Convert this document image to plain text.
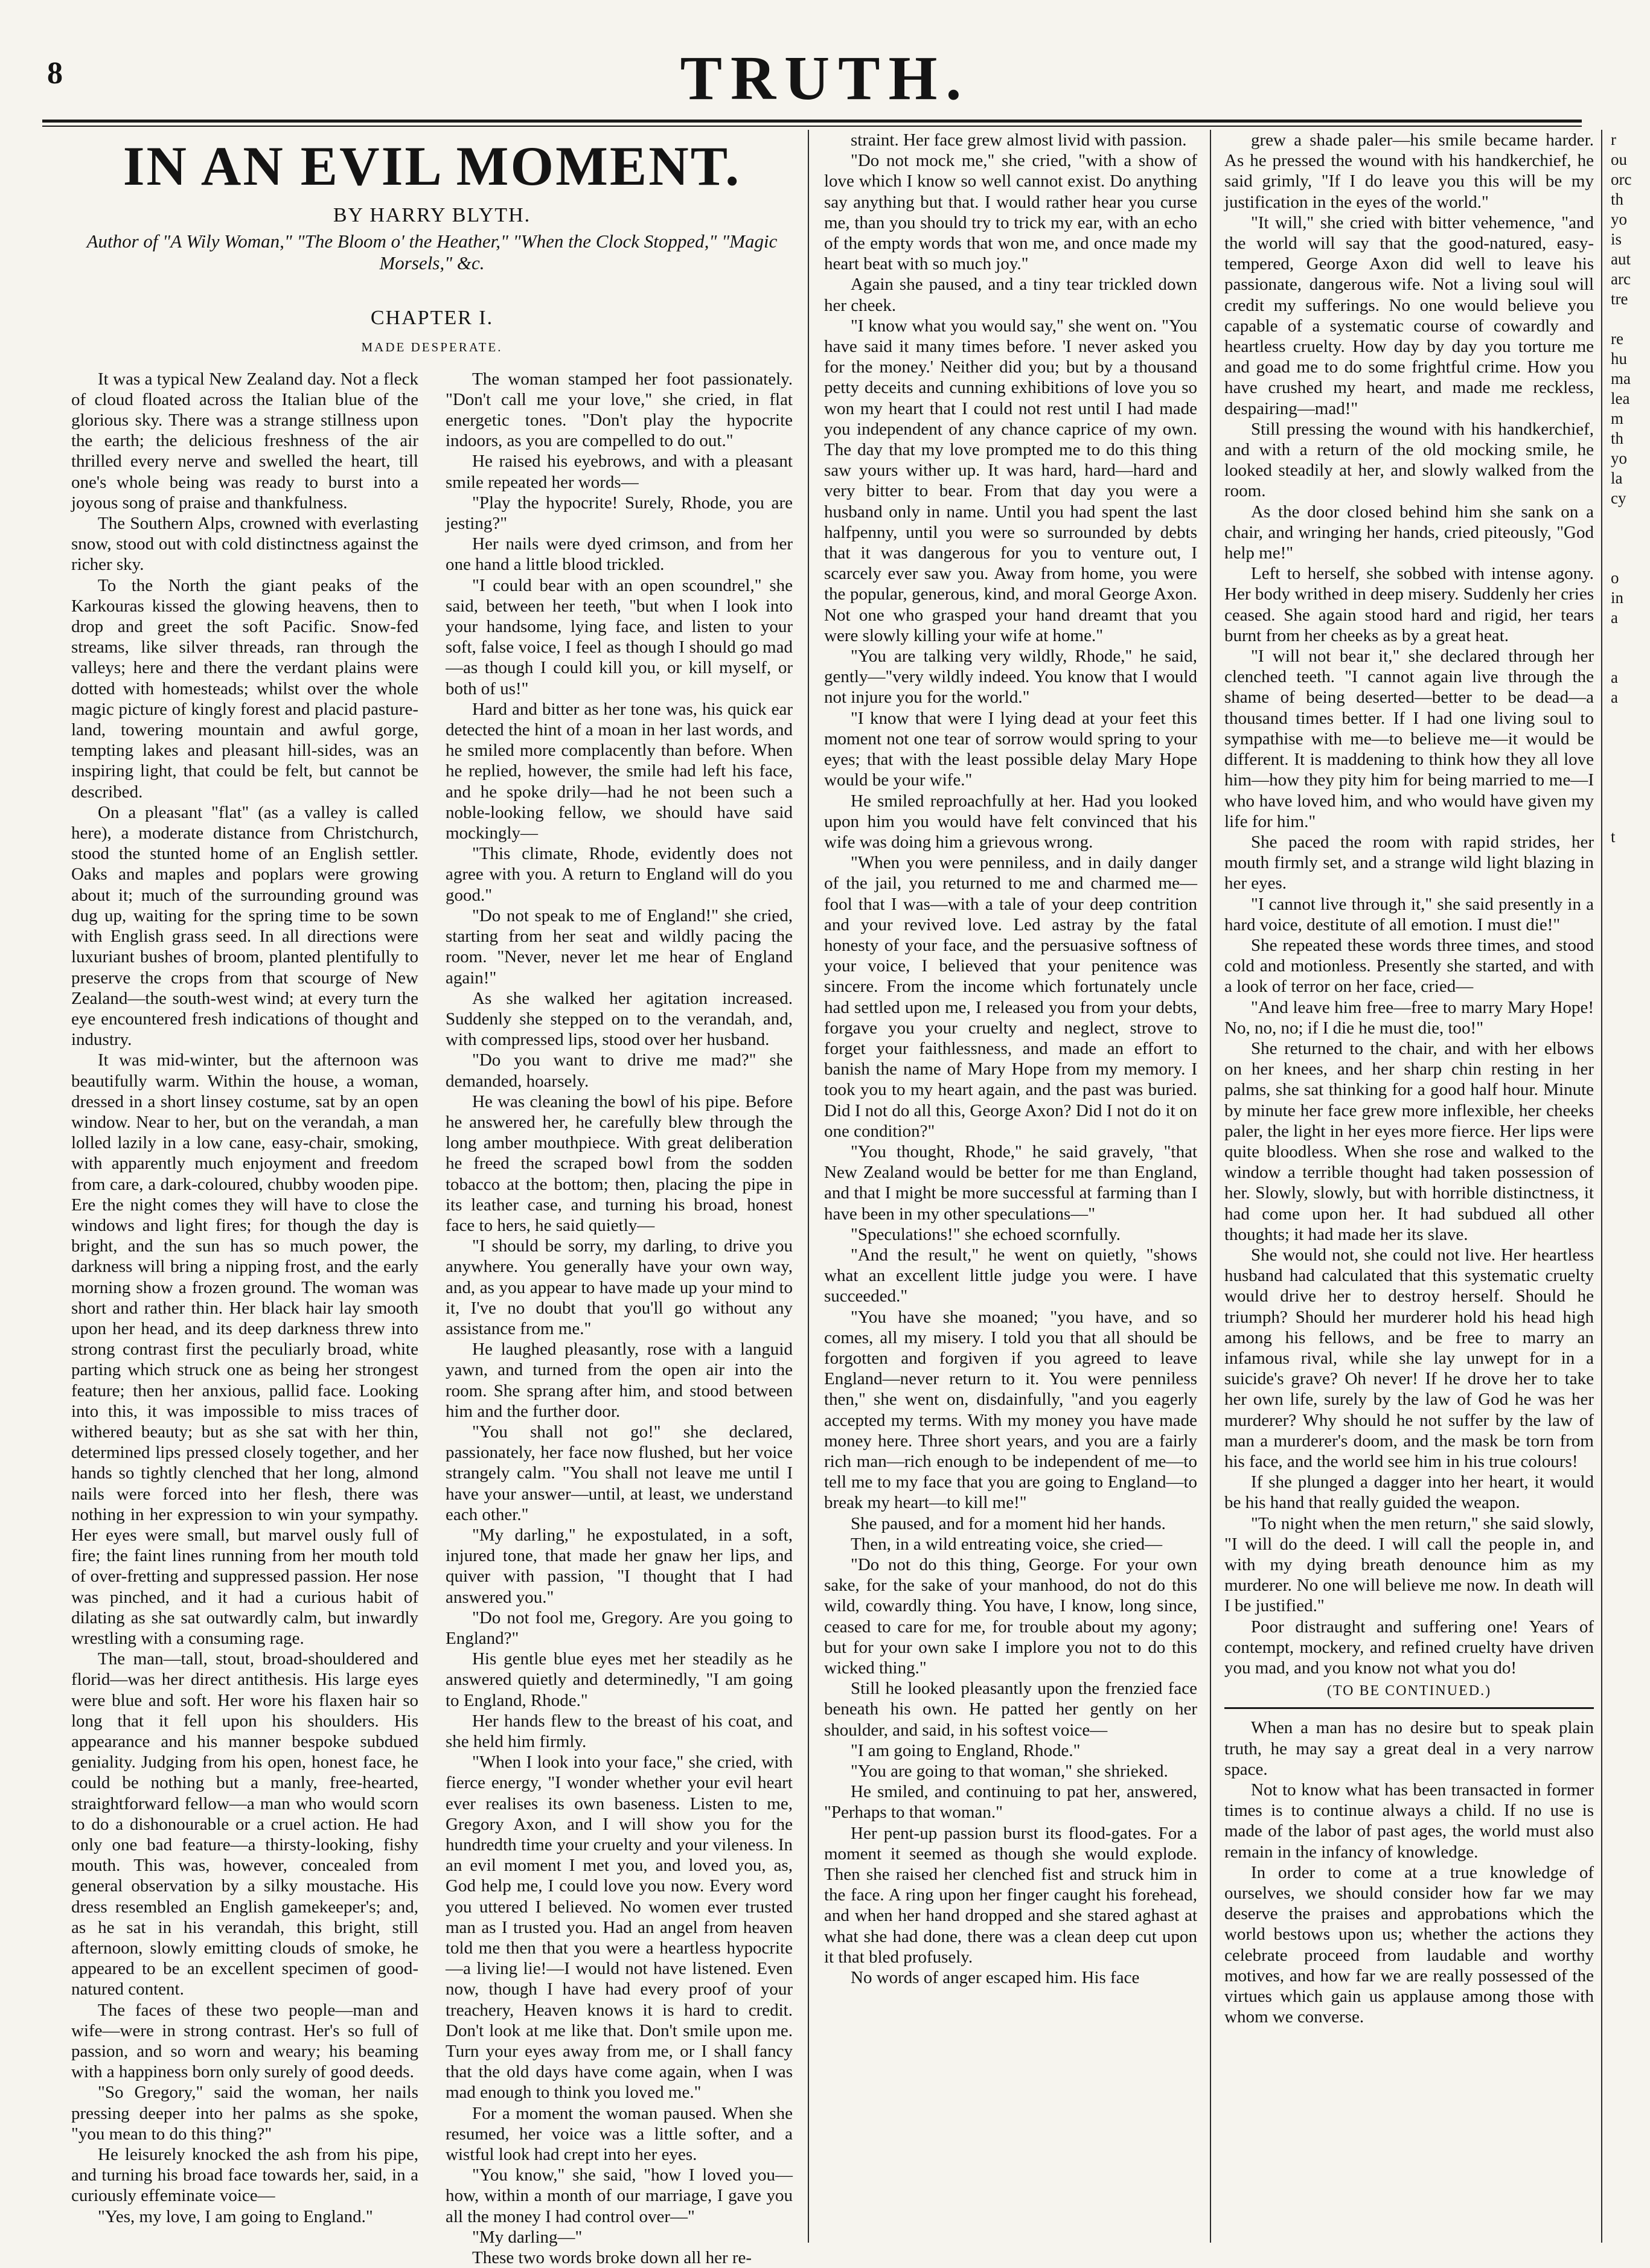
8	TRUTH.
IN AN EVIL MOMENT.
BY HARRY BLYTH.
Author of "A Wily Woman," "The Bloom o' the Heather," "When the Clock Stopped," "Magic Morsels," &c.
CHAPTER I.
MADE DESPERATE.

It was a typical New Zealand day. Not a fleck of cloud floated across the Italian blue of the glorious sky. There was a strange stillness upon the earth; the delicious freshness of the air thrilled every nerve and swelled the heart, till one's whole being was ready to burst into a joyous song of praise and thankfulness.

The Southern Alps, crowned with everlasting snow, stood out with cold distinctness against the richer sky.

To the North the giant peaks of the Karkouras kissed the glowing heavens, then to drop and greet the soft Pacific. Snow-fed streams, like silver threads, ran through the valleys; here and there the verdant plains were dotted with homesteads; whilst over the whole magic picture of kingly forest and placid pasture-land, towering mountain and awful gorge, tempting lakes and pleasant hill-sides, was an inspiring light, that could be felt, but cannot be described.

On a pleasant "flat" (as a valley is called here), a moderate distance from Christchurch, stood the stunted home of an English settler. Oaks and maples and poplars were growing about it; much of the surrounding ground was dug up, waiting for the spring time to be sown with English grass seed. In all directions were luxuriant bushes of broom, planted plentifully to preserve the crops from that scourge of New Zealand—the south-west wind; at every turn the eye encountered fresh indications of thought and industry.

It was mid-winter, but the afternoon was beautifully warm. Within the house, a woman, dressed in a short linsey costume, sat by an open window. Near to her, but on the verandah, a man lolled lazily in a low cane, easy-chair, smoking, with apparently much enjoyment and freedom from care, a dark-coloured, chubby wooden pipe. Ere the night comes they will have to close the windows and light fires; for though the day is bright, and the sun has so much power, the darkness will bring a nipping frost, and the early morning show a frozen ground. The woman was short and rather thin. Her black hair lay smooth upon her head, and its deep darkness threw into strong contrast first the peculiarly broad, white parting which struck one as being her strongest feature; then her anxious, pallid face. Looking into this, it was impossible to miss traces of withered beauty; but as she sat with her thin, determined lips pressed closely together, and her hands so tightly clenched that her long, almond nails were forced into her flesh, there was nothing in her expression to win your sympathy. Her eyes were small, but marvel ously full of fire; the faint lines running from her mouth told of over-fretting and suppressed passion. Her nose was pinched, and it had a curious habit of dilating as she sat outwardly calm, but inwardly wrestling with a consuming rage.

The man—tall, stout, broad-shouldered and florid—was her direct antithesis. His large eyes were blue and soft. Her wore his flaxen hair so long that it fell upon his shoulders. His appearance and his manner bespoke subdued geniality. Judging from his open, honest face, he could be nothing but a manly, free-hearted, straightforward fellow—a man who would scorn to do a dishonourable or a cruel action. He had only one bad feature—a thirsty-looking, fishy mouth. This was, however, concealed from general observation by a silky moustache. His dress resembled an English gamekeeper's; and, as he sat in his verandah, this bright, still afternoon, slowly emitting clouds of smoke, he appeared to be an excellent specimen of good-natured content.

The faces of these two people—man and wife—were in strong contrast. Her's so full of passion, and so worn and weary; his beaming with a happiness born only surely of good deeds.

"So Gregory," said the woman, her nails pressing deeper into her palms as she spoke, "you mean to do this thing?"

He leisurely knocked the ash from his pipe, and turning his broad face towards her, said, in a curiously effeminate voice—

"Yes, my love, I am going to England."

The woman stamped her foot passionately. "Don't call me your love," she cried, in flat energetic tones. "Don't play the hypocrite indoors, as you are compelled to do out."

He raised his eyebrows, and with a pleasant smile repeated her words—

"Play the hypocrite! Surely, Rhode, you are jesting?"

Her nails were dyed crimson, and from her one hand a little blood trickled.

"I could bear with an open scoundrel," she said, between her teeth, "but when I look into your handsome, lying face, and listen to your soft, false voice, I feel as though I should go mad—as though I could kill you, or kill myself, or both of us!"

Hard and bitter as her tone was, his quick ear detected the hint of a moan in her last words, and he smiled more complacently than before. When he replied, however, the smile had left his face, and he spoke drily—had he not been such a noble-looking fellow, we should have said mockingly—

"This climate, Rhode, evidently does not agree with you. A return to England will do you good."

"Do not speak to me of England!" she cried, starting from her seat and wildly pacing the room. "Never, never let me hear of England again!"

As she walked her agitation increased. Suddenly she stepped on to the verandah, and, with compressed lips, stood over her husband.

"Do you want to drive me mad?" she demanded, hoarsely.

He was cleaning the bowl of his pipe. Before he answered her, he carefully blew through the long amber mouthpiece. With great deliberation he freed the scraped bowl from the sodden tobacco at the bottom; then, placing the pipe in its leather case, and turning his broad, honest face to hers, he said quietly—

"I should be sorry, my darling, to drive you anywhere. You generally have your own way, and, as you appear to have made up your mind to it, I've no doubt that you'll go without any assistance from me."

He laughed pleasantly, rose with a languid yawn, and turned from the open air into the room. She sprang after him, and stood between him and the further door.

"You shall not go!" she declared, passionately, her face now flushed, but her voice strangely calm. "You shall not leave me until I have your answer—until, at least, we understand each other."

"My darling," he expostulated, in a soft, injured tone, that made her gnaw her lips, and quiver with passion, "I thought that I had answered you."

"Do not fool me, Gregory. Are you going to England?"

His gentle blue eyes met her steadily as he answered quietly and determinedly, "I am going to England, Rhode."

Her hands flew to the breast of his coat, and she held him firmly.

"When I look into your face," she cried, with fierce energy, "I wonder whether your evil heart ever realises its own baseness. Listen to me, Gregory Axon, and I will show you for the hundredth time your cruelty and your vileness. In an evil moment I met you, and loved you, as, God help me, I could love you now. Every word you uttered I believed. No women ever trusted man as I trusted you. Had an angel from heaven told me then that you were a heartless hypocrite—a living lie!—I would not have listened. Even now, though I have had every proof of your treachery, Heaven knows it is hard to credit. Don't look at me like that. Don't smile upon me. Turn your eyes away from me, or I shall fancy that the old days have come again, when I was mad enough to think you loved me."

For a moment the woman paused. When she resumed, her voice was a little softer, and a wistful look had crept into her eyes.

"You know," she said, "how I loved you—how, within a month of our marriage, I gave you all the money I had control over—"

"My darling—"

These two words broke down all her re-

straint. Her face grew almost livid with passion.

"Do not mock me," she cried, "with a show of love which I know so well cannot exist. Do anything say anything but that. I would rather hear you curse me, than you should try to trick my ear, with an echo of the empty words that won me, and once made my heart beat with so much joy."

Again she paused, and a tiny tear trickled down her cheek.

"I know what you would say," she went on. "You have said it many times before. 'I never asked you for the money.' Neither did you; but by a thousand petty deceits and cunning exhibitions of love you so won my heart that I could not rest until I had made you independent of any chance caprice of my own. The day that my love prompted me to do this thing saw yours wither up. It was hard, hard—hard and very bitter to bear. From that day you were a husband only in name. Until you had spent the last halfpenny, until you were so surrounded by debts that it was dangerous for you to venture out, I scarcely ever saw you. Away from home, you were the popular, generous, kind, and moral George Axon. Not one who grasped your hand dreamt that you were slowly killing your wife at home."

"You are talking very wildly, Rhode," he said, gently—"very wildly indeed. You know that I would not injure you for the world."

"I know that were I lying dead at your feet this moment not one tear of sorrow would spring to your eyes; that with the least possible delay Mary Hope would be your wife."

He smiled reproachfully at her. Had you looked upon him you would have felt convinced that his wife was doing him a grievous wrong.

"When you were penniless, and in daily danger of the jail, you returned to me and charmed me—fool that I was—with a tale of your deep contrition and your revived love. Led astray by the fatal honesty of your face, and the persuasive softness of your voice, I believed that your penitence was sincere. From the income which fortunately uncle had settled upon me, I released you from your debts, forgave you your cruelty and neglect, strove to forget your faithlessness, and made an effort to banish the name of Mary Hope from my memory. I took you to my heart again, and the past was buried. Did I not do all this, George Axon? Did I not do it on one condition?"

"You thought, Rhode," he said gravely, "that New Zealand would be better for me than England, and that I might be more successful at farming than I have been in my other speculations—"

"Speculations!" she echoed scornfully.

"And the result," he went on quietly, "shows what an excellent little judge you were. I have succeeded."

"You have she moaned; "you have, and so comes, all my misery. I told you that all should be forgotten and forgiven if you agreed to leave England—never return to it. You were penniless then," she went on, disdainfully, "and you eagerly accepted my terms. With my money you have made money here. Three short years, and you are a fairly rich man—rich enough to be independent of me—to tell me to my face that you are going to England—to break my heart—to kill me!"

She paused, and for a moment hid her hands.

Then, in a wild entreating voice, she cried—

"Do not do this thing, George. For your own sake, for the sake of your manhood, do not do this wild, cowardly thing. You have, I know, long since, ceased to care for me, for trouble about my agony; but for your own sake I implore you not to do this wicked thing."

Still he looked pleasantly upon the frenzied face beneath his own. He patted her gently on her shoulder, and said, in his softest voice—

"I am going to England, Rhode."

"You are going to that woman," she shrieked.

He smiled, and continuing to pat her, answered, "Perhaps to that woman."

Her pent-up passion burst its flood-gates. For a moment it seemed as though she would explode. Then she raised her clenched fist and struck him in the face. A ring upon her finger caught his forehead, and when her hand dropped and she stared aghast at what she had done, there was a clean deep cut upon it that bled profusely.

No words of anger escaped him. His face

grew a shade paler—his smile became harder. As he pressed the wound with his handkerchief, he said grimly, "If I do leave you this will be my justification in the eyes of the world."

"It will," she cried with bitter vehemence, "and the world will say that the good-natured, easy-tempered, George Axon did well to leave his passionate, dangerous wife. Not a living soul will credit my sufferings. No one would believe you capable of a systematic course of cowardly and heartless cruelty. How day by day you torture me and goad me to do some frightful crime. How you have crushed my heart, and made me reckless, despairing—mad!"

Still pressing the wound with his handkerchief, and with a return of the old mocking smile, he looked steadily at her, and slowly walked from the room.

As the door closed behind him she sank on a chair, and wringing her hands, cried piteously, "God help me!"

Left to herself, she sobbed with intense agony. Her body writhed in deep misery. Suddenly her cries ceased. She again stood hard and rigid, her tears burnt from her cheeks as by a great heat.

"I will not bear it," she declared through her clenched teeth. "I cannot again live through the shame of being deserted—better to be dead—a thousand times better. If I had one living soul to sympathise with me—to believe me—it would be different. It is maddening to think how they all love him—how they pity him for being married to me—I who have loved him, and who would have given my life for him."

She paced the room with rapid strides, her mouth firmly set, and a strange wild light blazing in her eyes.

"I cannot live through it," she said presently in a hard voice, destitute of all emotion. I must die!"

She repeated these words three times, and stood cold and motionless. Presently she started, and with a look of terror on her face, cried—

"And leave him free—free to marry Mary Hope! No, no, no; if I die he must die, too!"

She returned to the chair, and with her elbows on her knees, and her sharp chin resting in her palms, she sat thinking for a good half hour. Minute by minute her face grew more inflexible, her cheeks paler, the light in her eyes more fierce. Her lips were quite bloodless. When she rose and walked to the window a terrible thought had taken possession of her. Slowly, slowly, but with horrible distinctness, it had come upon her. It had subdued all other thoughts; it had made her its slave.

She would not, she could not live. Her heartless husband had calculated that this systematic cruelty would drive her to destroy herself. Should he triumph? Should her murderer hold his head high among his fellows, and be free to marry an infamous rival, while she lay unwept for in a suicide's grave? Oh never! If he drove her to take her own life, surely by the law of God he was her murderer? Why should he not suffer by the law of man a murderer's doom, and the mask be torn from his face, and the world see him in his true colours!

If she plunged a dagger into her heart, it would be his hand that really guided the weapon.

"To night when the men return," she said slowly, "I will do the deed. I will call the people in, and with my dying breath denounce him as my murderer. No one will believe me now. In death will I be justified."

Poor distraught and suffering one! Years of contempt, mockery, and refined cruelty have driven you mad, and you know not what you do!

(TO BE CONTINUED.)

When a man has no desire but to speak plain truth, he may say a great deal in a very narrow space.

Not to know what has been transacted in former times is to continue always a child. If no use is made of the labor of past ages, the world must also remain in the infancy of knowledge.

In order to come at a true knowledge of ourselves, we should consider how far we may deserve the praises and approbations which the world bestows upon us; whether the actions they celebrate proceed from laudable and worthy motives, and how far we are really possessed of the virtues which gain us applause among those with whom we converse.

r
ou
orc
th
yo
is
aut
arc
tre

re
hu
ma
lea
m
th
yo
la
cy

o
in
a

a
a

t
